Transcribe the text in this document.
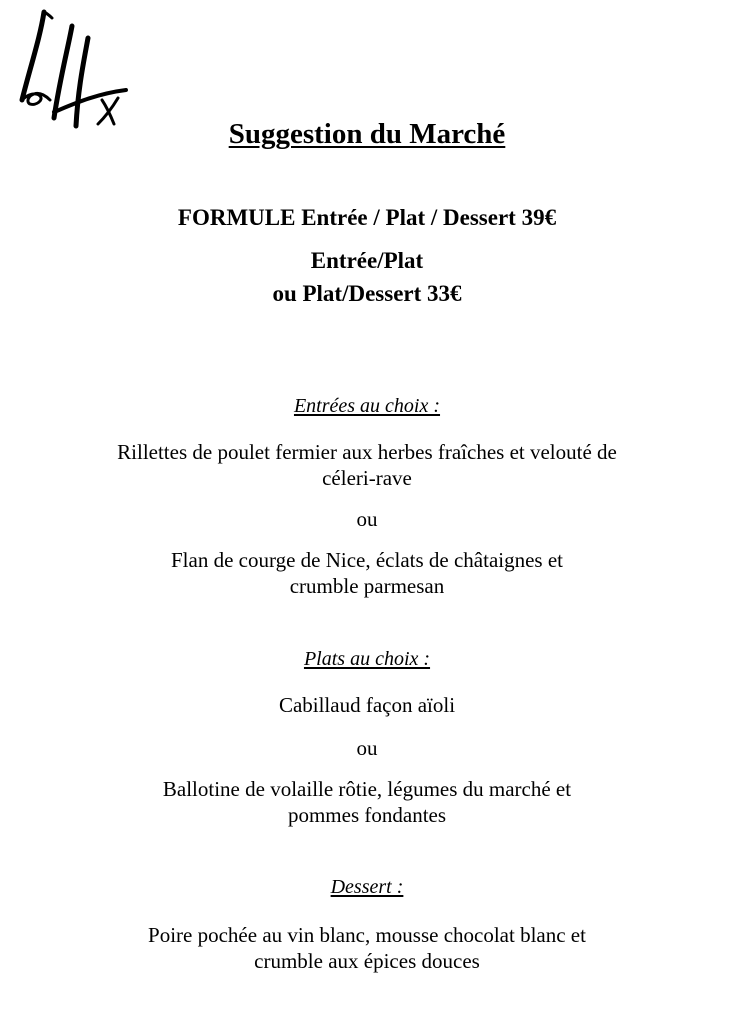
Suggestion du Marché
FORMULE Entrée / Plat / Dessert 39€
Entrée/Plat
ou Plat/Dessert 33€
Entrées au choix :
Rillettes de poulet fermier aux herbes fraîches et velouté de
céleri-rave
ou
Flan de courge de Nice, éclats de châtaignes et
crumble parmesan
Plats au choix :
Cabillaud façon aïoli
ou
Ballotine de volaille rôtie, légumes du marché et
pommes fondantes
Dessert :
Poire pochée au vin blanc, mousse chocolat blanc et
crumble aux épices douces
